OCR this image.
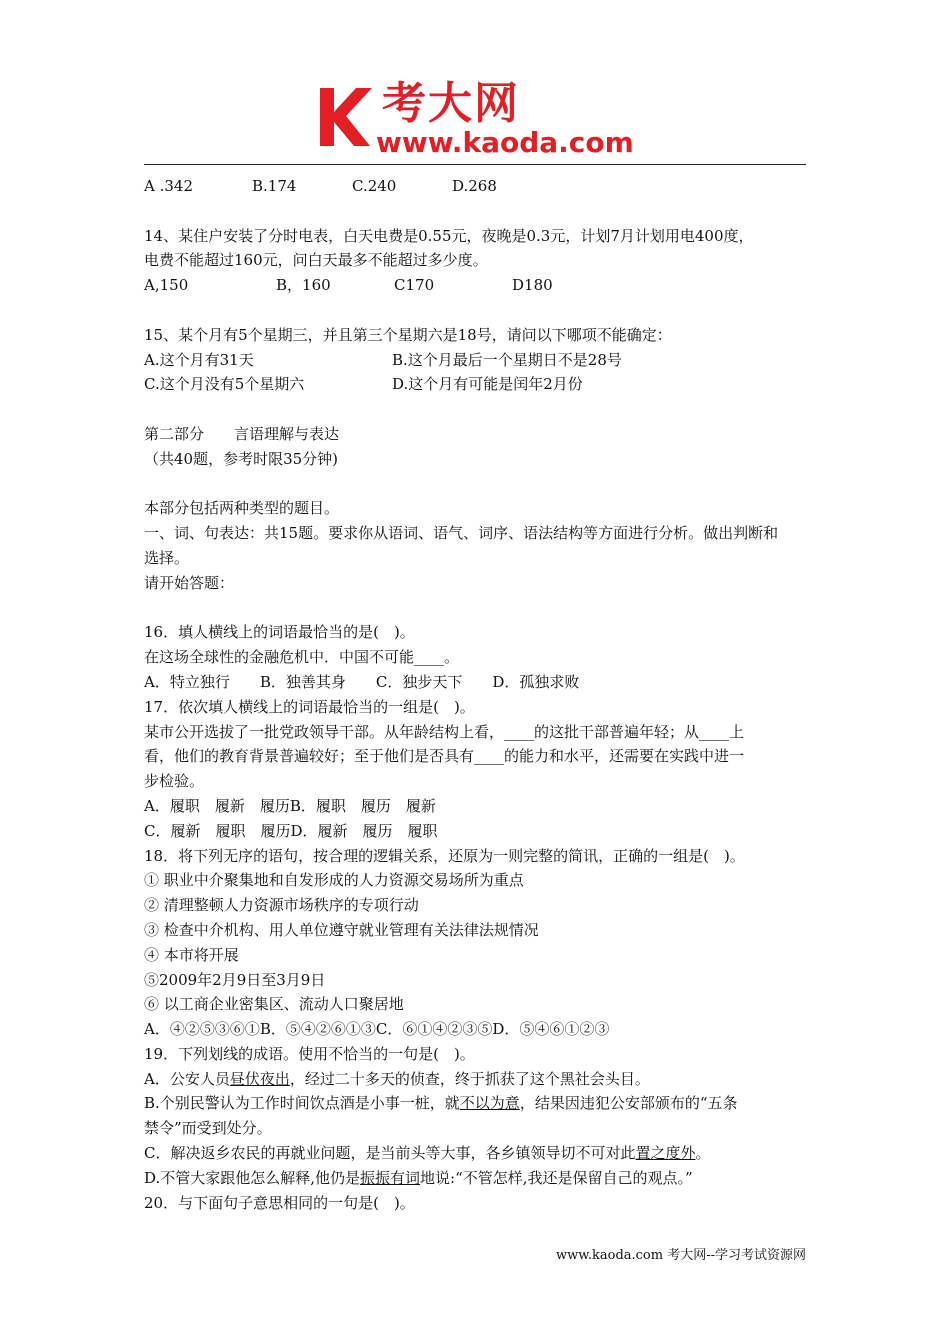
考大网
www.kaoda.com
A .342	B.174	C.240	D.268
14、某住户安装了分时电表，白天电费是0.55元，夜晚是0.3元，计划7月计划用电400度，
电费不能超过160元，问白天最多不能超过多少度。
A,150	B，160	C170	D180
15、某个月有5个星期三，并且第三个星期六是18号，请问以下哪项不能确定：
A.这个月有31天	B.这个月最后一个星期日不是28号
C.这个月没有5个星期六	D.这个月有可能是闰年2月份
第二部分　　言语理解与表达
（共40题，参考时限35分钟)
本部分包括两种类型的题目。
一、词、句表达：共15题。要求你从语词、语气、词序、语法结构等方面进行分析。做出判断和
选择。
请开始答题：
16．填人横线上的词语最恰当的是(　)。
在这场全球性的金融危机中．中国不可能____。
A．特立独行　　B．独善其身　　C．独步天下　　D．孤独求败
17．依次填人横线上的词语最恰当的一组是(　)。
某市公开选拔了一批党政领导干部。从年龄结构上看，____的这批干部普遍年轻；从____上
看，他们的教育背景普遍较好；至于他们是否具有____的能力和水平，还需要在实践中进一
步检验。
A．履职　履新　履历B．履职　履历　履新
C．履新　履职　履历D．履新　履历　履职
18．将下列无序的语句，按合理的逻辑关系，还原为一则完整的简讯，正确的一组是(　)。
① 职业中介聚集地和自发形成的人力资源交易场所为重点
② 清理整顿人力资源市场秩序的专项行动
③ 检查中介机构、用人单位遵守就业管理有关法律法规情况
④ 本市将开展
⑤2009年2月9日至3月9日
⑥ 以工商企业密集区、流动人口聚居地
A．④②⑤③⑥①B．⑤④②⑥①③C．⑥①④②③⑤D．⑤④⑥①②③
19．下列划线的成语。使用不恰当的一句是(　)。
A．公安人员昼伏夜出，经过二十多天的侦查，终于抓获了这个黑社会头目。
B.个别民警认为工作时间饮点酒是小事一桩，就不以为意，结果因违犯公安部颁布的“五条
禁令”而受到处分。
C．解决返乡农民的再就业问题，是当前头等大事，各乡镇领导切不可对此置之度外。
D.不管大家跟他怎么解释,他仍是振振有词地说:“不管怎样,我还是保留自己的观点。”
20．与下面句子意思相同的一句是(　)。
www.kaoda.com 考大网--学习考试资源网
